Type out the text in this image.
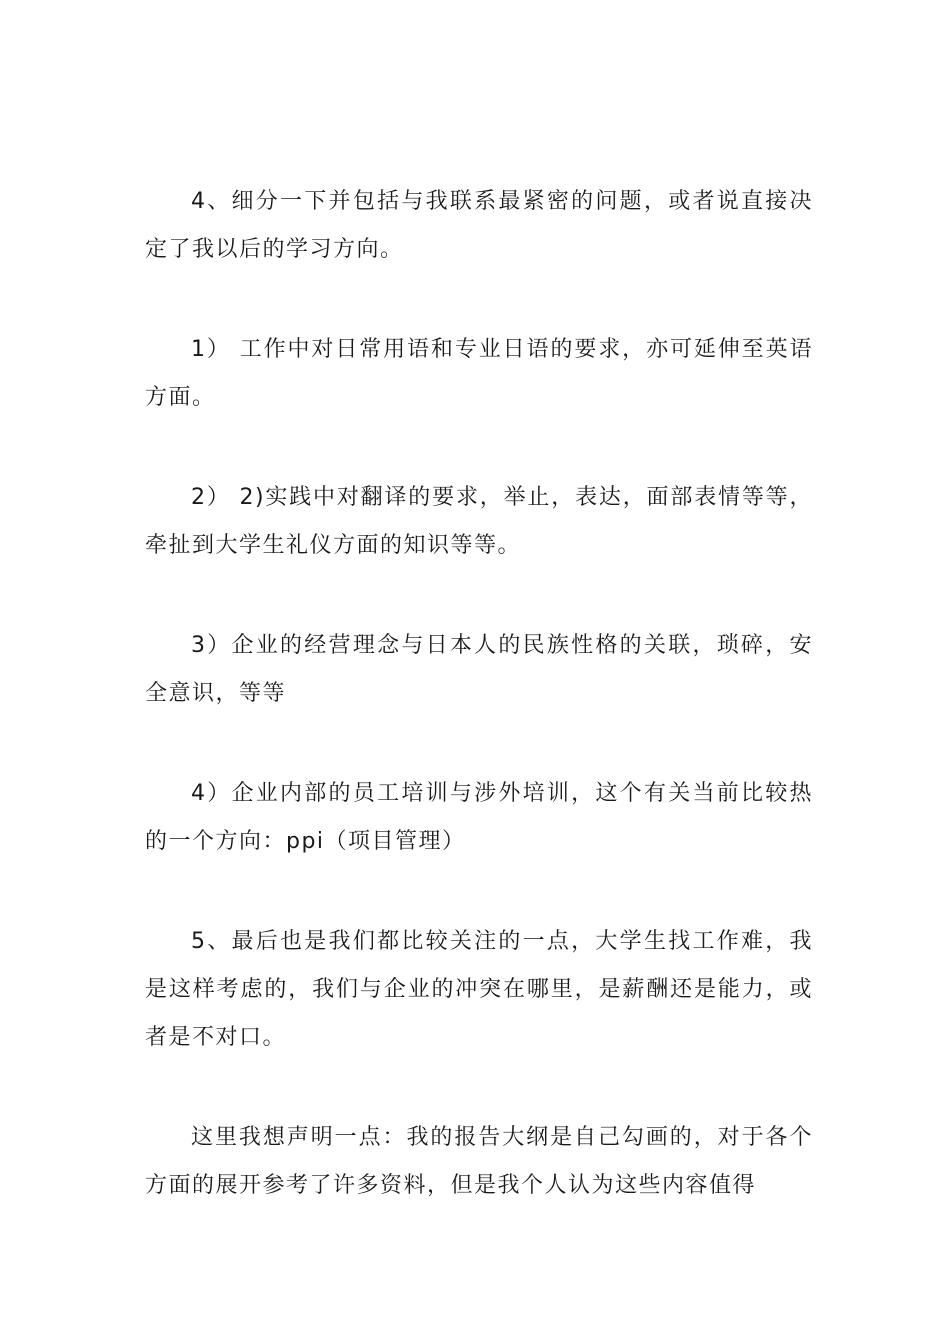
4、细分一下并包括与我联系最紧密的问题，或者说直接决定了我以后的学习方向。

1） 工作中对日常用语和专业日语的要求，亦可延伸至英语方面。

2） 2)实践中对翻译的要求，举止，表达，面部表情等等，牵扯到大学生礼仪方面的知识等等。

3）企业的经营理念与日本人的民族性格的关联，琐碎，安全意识，等等

4）企业内部的员工培训与涉外培训，这个有关当前比较热的一个方向：ppi（项目管理）

5、最后也是我们都比较关注的一点，大学生找工作难，我是这样考虑的，我们与企业的冲突在哪里，是薪酬还是能力，或者是不对口。

这里我想声明一点：我的报告大纲是自己勾画的，对于各个方面的展开参考了许多资料，但是我个人认为这些内容值得
